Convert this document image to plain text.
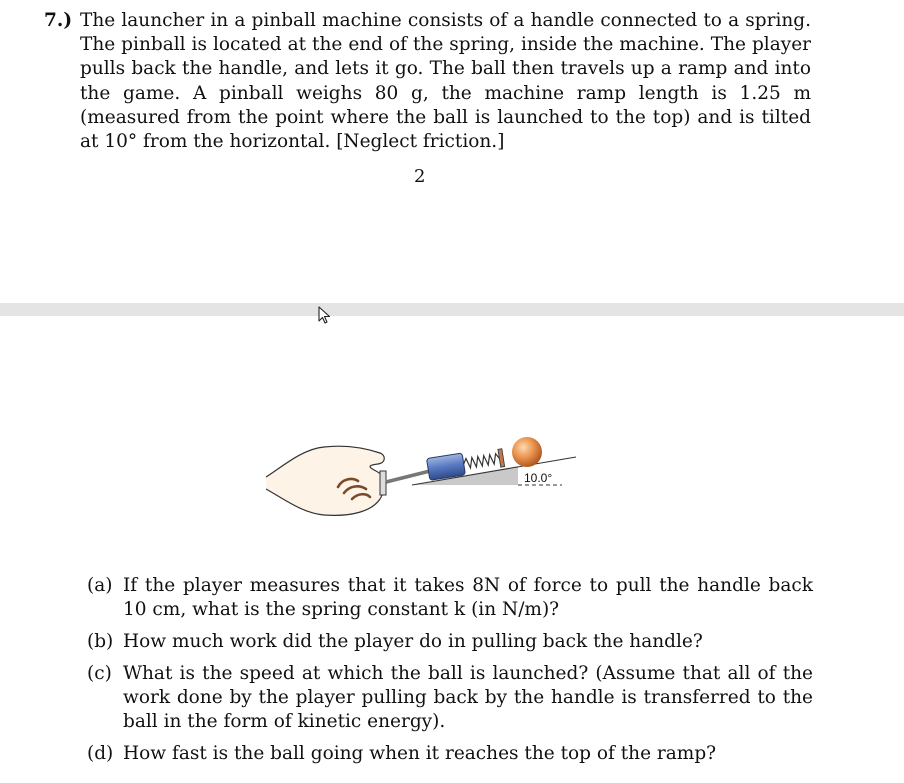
7.) The launcher in a pinball machine consists of a handle connected to a spring. The pinball is located at the end of the spring, inside the machine. The player pulls back the handle, and lets it go. The ball then travels up a ramp and into the game. A pinball weighs 80 g, the machine ramp length is 1.25 m (measured from the point where the ball is launched to the top) and is tilted at 10° from the horizontal. [Neglect friction.]
2
10.0°
(a) If the player measures that it takes 8N of force to pull the handle back 10 cm, what is the spring constant k (in N/m)?
(b) How much work did the player do in pulling back the handle?
(c) What is the speed at which the ball is launched? (Assume that all of the work done by the player pulling back by the handle is transferred to the ball in the form of kinetic energy).
(d) How fast is the ball going when it reaches the top of the ramp?
